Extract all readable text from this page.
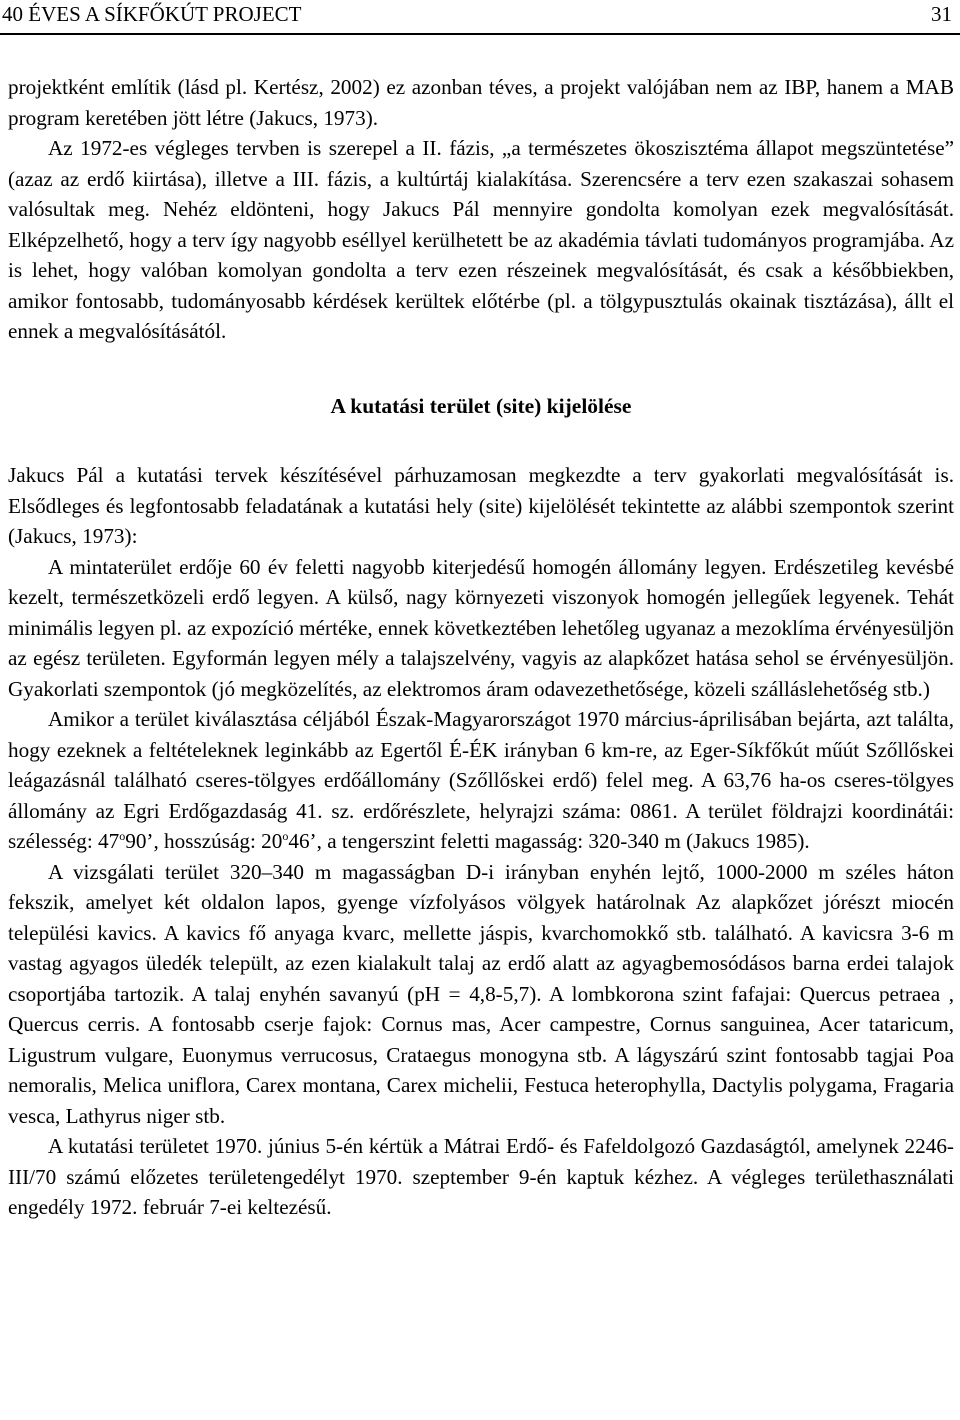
40 ÉVES A SÍKFŐKÚT PROJECT	31

projektként említik (lásd pl. Kertész, 2002) ez azonban téves, a projekt valójában nem az IBP, hanem a MAB program keretében jött létre (Jakucs, 1973).

Az 1972-es végleges tervben is szerepel a II. fázis, „a természetes ökoszisztéma állapot megszüntetése” (azaz az erdő kiirtása), illetve a III. fázis, a kultúrtáj kialakítása. Szerencsére a terv ezen szakaszai sohasem valósultak meg. Nehéz eldönteni, hogy Jakucs Pál mennyire gondolta komolyan ezek megvalósítását. Elképzelhető, hogy a terv így nagyobb eséllyel kerülhetett be az akadémia távlati tudományos programjába. Az is lehet, hogy valóban komolyan gondolta a terv ezen részeinek megvalósítását, és csak a későbbiekben, amikor fontosabb, tudományosabb kérdések kerültek előtérbe (pl. a tölgypusztulás okainak tisztázása), állt el ennek a megvalósításától.

A kutatási terület (site) kijelölése

Jakucs Pál a kutatási tervek készítésével párhuzamosan megkezdte a terv gyakorlati megvalósítását is. Elsődleges és legfontosabb feladatának a kutatási hely (site) kijelölését tekintette az alábbi szempontok szerint (Jakucs, 1973):

A mintaterület erdője 60 év feletti nagyobb kiterjedésű homogén állomány legyen. Erdészetileg kevésbé kezelt, természetközeli erdő legyen. A külső, nagy környezeti viszonyok homogén jellegűek legyenek. Tehát minimális legyen pl. az expozíció mértéke, ennek következtében lehetőleg ugyanaz a mezoklíma érvényesüljön az egész területen. Egyformán legyen mély a talajszelvény, vagyis az alapkőzet hatása sehol se érvényesüljön. Gyakorlati szempontok (jó megközelítés, az elektromos áram odavezethetősége, közeli szálláslehetőség stb.)

Amikor a terület kiválasztása céljából Észak-Magyarországot 1970 március-áprilisában bejárta, azt találta, hogy ezeknek a feltételeknek leginkább az Egertől É-ÉK irányban 6 km-re, az Eger-Síkfőkút műút Szőllőskei leágazásnál található cseres-tölgyes erdőállomány (Szőllőskei erdő) felel meg. A 63,76 ha-os cseres-tölgyes állomány az Egri Erdőgazdaság 41. sz. erdőrészlete, helyrajzi száma: 0861. A terület földrajzi koordinátái: szélesség: 47$^o$90’, hosszúság: 20$^o$46’, a tengerszint feletti magasság: 320-340 m (Jakucs 1985).

A vizsgálati terület 320–340 m magasságban D-i irányban enyhén lejtő, 1000-2000 m széles háton fekszik, amelyet két oldalon lapos, gyenge vízfolyásos völgyek határolnak Az alapkőzet jórészt miocén települési kavics. A kavics fő anyaga kvarc, mellette jáspis, kvarchomokkő stb. található. A kavicsra 3-6 m vastag agyagos üledék települt, az ezen kialakult talaj az erdő alatt az agyagbemosódásos barna erdei talajok csoportjába tartozik. A talaj enyhén savanyú (pH = 4,8-5,7). A lombkorona szint fafajai: Quercus petraea , Quercus cerris. A fontosabb cserje fajok: Cornus mas, Acer campestre, Cornus sanguinea, Acer tataricum, Ligustrum vulgare, Euonymus verrucosus, Crataegus monogyna stb. A lágyszárú szint fontosabb tagjai Poa nemoralis, Melica uniflora, Carex montana, Carex michelii, Festuca heterophylla, Dactylis polygama, Fragaria vesca, Lathyrus niger stb.

A kutatási területet 1970. június 5-én kértük a Mátrai Erdő- és Fafeldolgozó Gazdaságtól, amelynek 2246-III/70 számú előzetes területengedélyt 1970. szeptember 9-én kaptuk kézhez. A végleges területhasználati engedély 1972. február 7-ei keltezésű.
